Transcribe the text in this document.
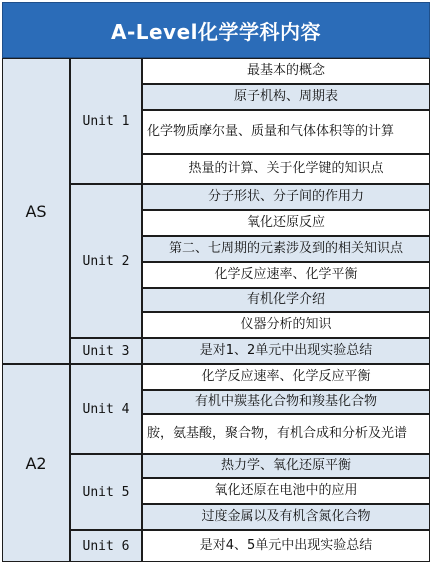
A-Level化学学科内容
AS
A2
Unit 1
Unit 2
Unit 3
Unit 4
Unit 5
Unit 6
最基本的概念
原子机构、周期表
化学物质摩尔量、质量和气体体积等的计算
热量的计算、关于化学键的知识点
分子形状、分子间的作用力
氧化还原反应
第二、七周期的元素涉及到的相关知识点
化学反应速率、化学平衡
有机化学介绍
仪器分析的知识
是对1、2单元中出现实验总结
化学反应速率、化学反应平衡
有机中羰基化合物和羧基化合物
胺，氨基酸，聚合物，有机合成和分析及光谱
热力学、氧化还原平衡
氧化还原在电池中的应用
过度金属以及有机含氮化合物
是对4、5单元中出现实验总结
